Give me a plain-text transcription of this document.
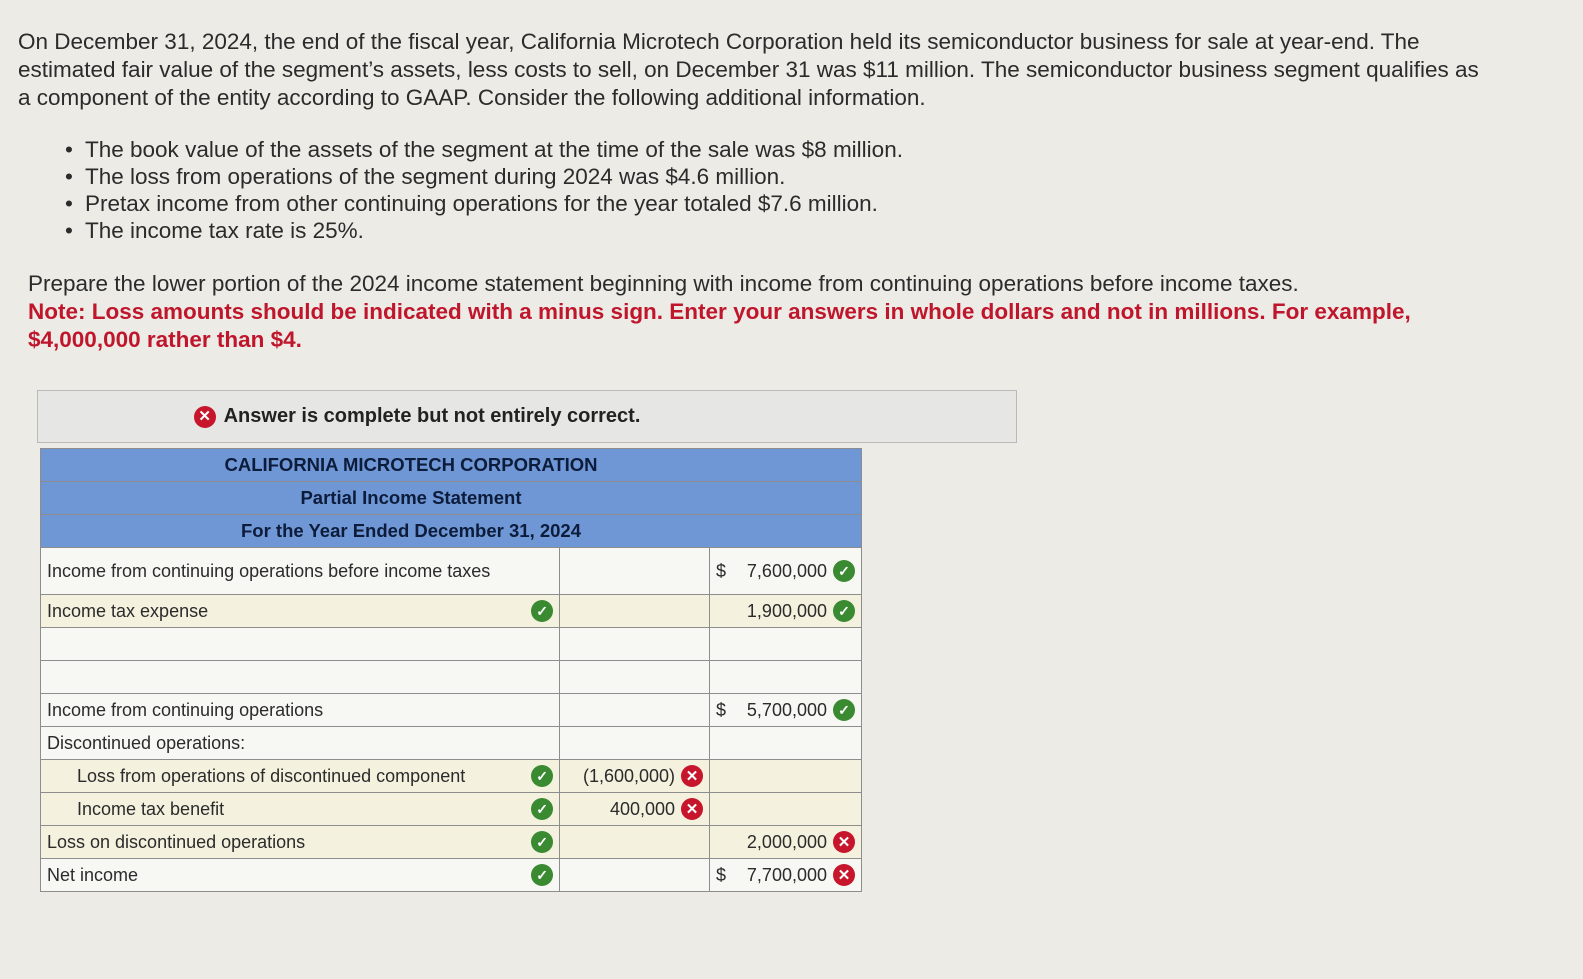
On December 31, 2024, the end of the fiscal year, California Microtech Corporation held its semiconductor business for sale at year-end. The estimated fair value of the segment’s assets, less costs to sell, on December 31 was $11 million. The semiconductor business segment qualifies as a component of the entity according to GAAP. Consider the following additional information.

• The book value of the assets of the segment at the time of the sale was $8 million.
• The loss from operations of the segment during 2024 was $4.6 million.
• Pretax income from other continuing operations for the year totaled $7.6 million.
• The income tax rate is 25%.

Prepare the lower portion of the 2024 income statement beginning with income from continuing operations before income taxes.

Note: Loss amounts should be indicated with a minus sign. Enter your answers in whole dollars and not in millions. For example, $4,000,000 rather than $4.

✕ Answer is complete but not entirely correct.
CALIFORNIA MICROTECH CORPORATION		
Partial Income Statement		
For the Year Ended December 31, 2024		
Income from continuing operations before income taxes		$ 7,600,000 ✓

Income tax expense ✓		1,900,000 ✓

Income from continuing operations		$ 5,700,000 ✓

Discontinued operations:		

Loss from operations of discontinued component ✓	(1,600,000) ✕	

Income tax benefit ✓	400,000 ✕	

Loss on discontinued operations ✓		2,000,000 ✕

Net income ✓		$ 7,700,000 ✕
